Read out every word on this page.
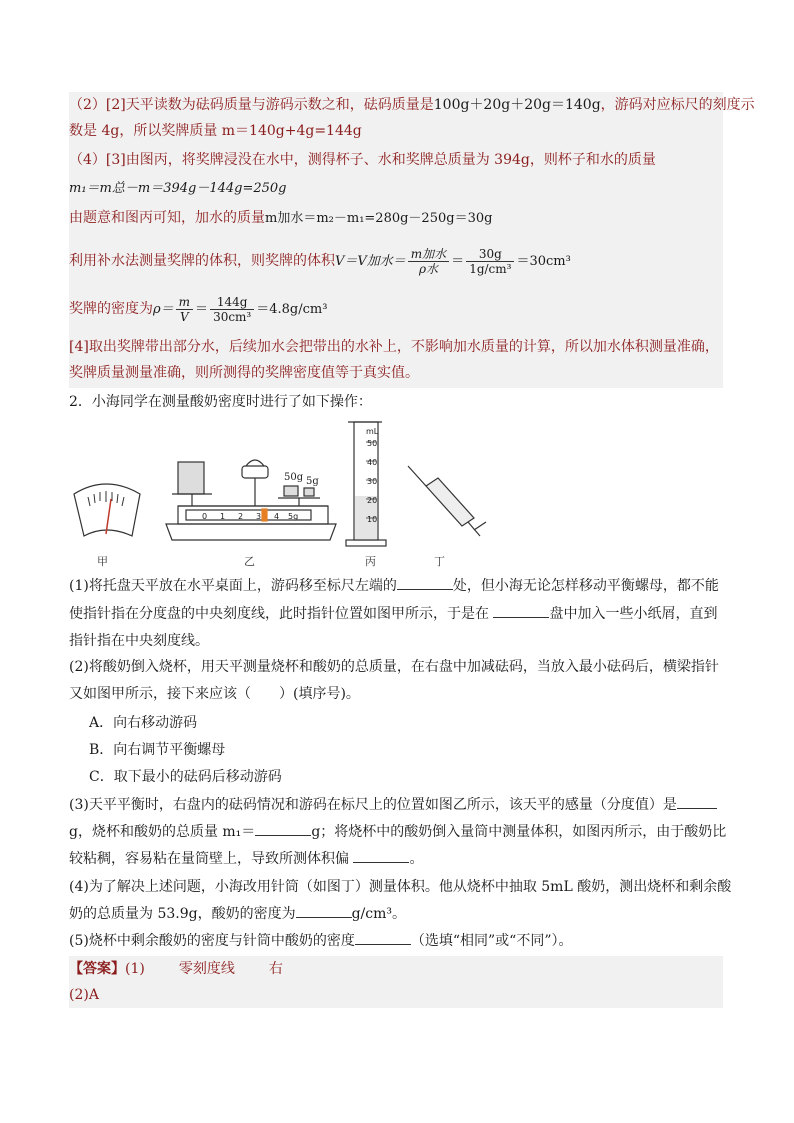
（2）[2]天平读数为砝码质量与游码示数之和，砝码质量是100g＋20g＋20g＝140g，游码对应标尺的刻度示
数是 4g，所以奖牌质量 m＝140g+4g=144g
（4）[3]由图丙，将奖牌浸没在水中，测得杯子、水和奖牌总质量为 394g，则杯子和水的质量
m₁＝m总－m＝394g－144g=250g
由题意和图丙可知，加水的质量m加水＝m₂－m₁=280g－250g＝30g
利用补水法测量奖牌的体积，则奖牌的体积V＝V加水＝ $\frac{\text{m加水}}{\text{ρ水}} = \frac{30g}{\text{1g/cm³}} =30cm^3$
奖牌的密度为$\rho= \frac{m}{V} = \frac{144g}{\text{30cm³}} =4.8g/cm^3$
[4]取出奖牌带出部分水，后续加水会把带出的水补上，不影响加水质量的计算，所以加水体积测量准确，
奖牌质量测量准确，则所测得的奖牌密度值等于真实值。
2．小海同学在测量酸奶密度时进行了如下操作：
50g 5g
0 1 2 3 4 5g
mL
50
40
30
20
10
甲	乙	丙	丁
(1)将托盘天平放在水平桌面上，游码移至标尺左端的	处，但小海无论怎样移动平衡螺母，都不能
使指针指在分度盘的中央刻度线，此时指针位置如图甲所示，于是在	盘中加入一些小纸屑，直到
指针指在中央刻度线。
(2)将酸奶倒入烧杯，用天平测量烧杯和酸奶的总质量，在右盘中加减砝码，当放入最小砝码后，横梁指针
又如图甲所示，接下来应该（　　）(填序号)。
A．向右移动游码
B．向右调节平衡螺母
C．取下最小的砝码后移动游码
(3)天平平衡时，右盘内的砝码情况和游码在标尺上的位置如图乙所示，该天平的感量（分度值）是
g，烧杯和酸奶的总质量 m₁＝	g；将烧杯中的酸奶倒入量筒中测量体积，如图丙所示，由于酸奶比
较粘稠，容易粘在量筒壁上，导致所测体积偏	。
(4)为了解决上述问题，小海改用针筒（如图丁）测量体积。他从烧杯中抽取 5mL 酸奶，测出烧杯和剩余酸
奶的总质量为 53.9g，酸奶的密度为	g/cm³。
(5)烧杯中剩余酸奶的密度与针筒中酸奶的密度	（选填“相同”或“不同”）。
【答案】(1) 零刻度线 右
(2)A
